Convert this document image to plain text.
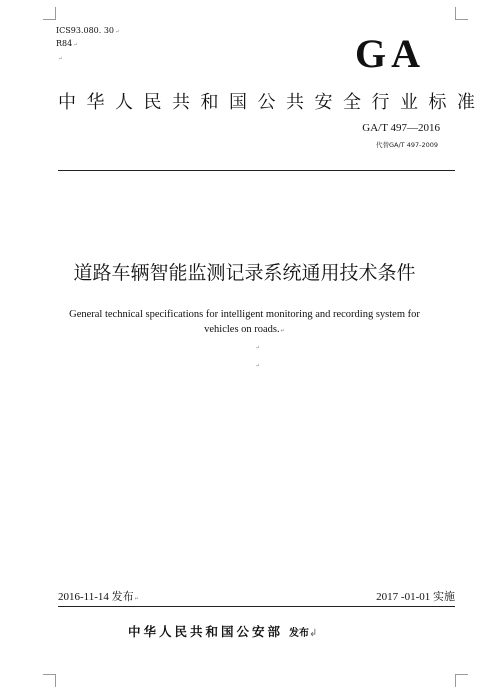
ICS93.080. 30↵
R84↵
↵	GA
中华人民共和国公共安全行业标准
GA/T 497—2016
代替GA/T 497-2009
道路车辆智能监测记录系统通用技术条件
General technical specifications for intelligent monitoring and recording system for
vehicles on roads.↵
↵
↵
2016-11-14 发布↵	2017 -01-01 实施
中华人民共和国公安部 发布↲
